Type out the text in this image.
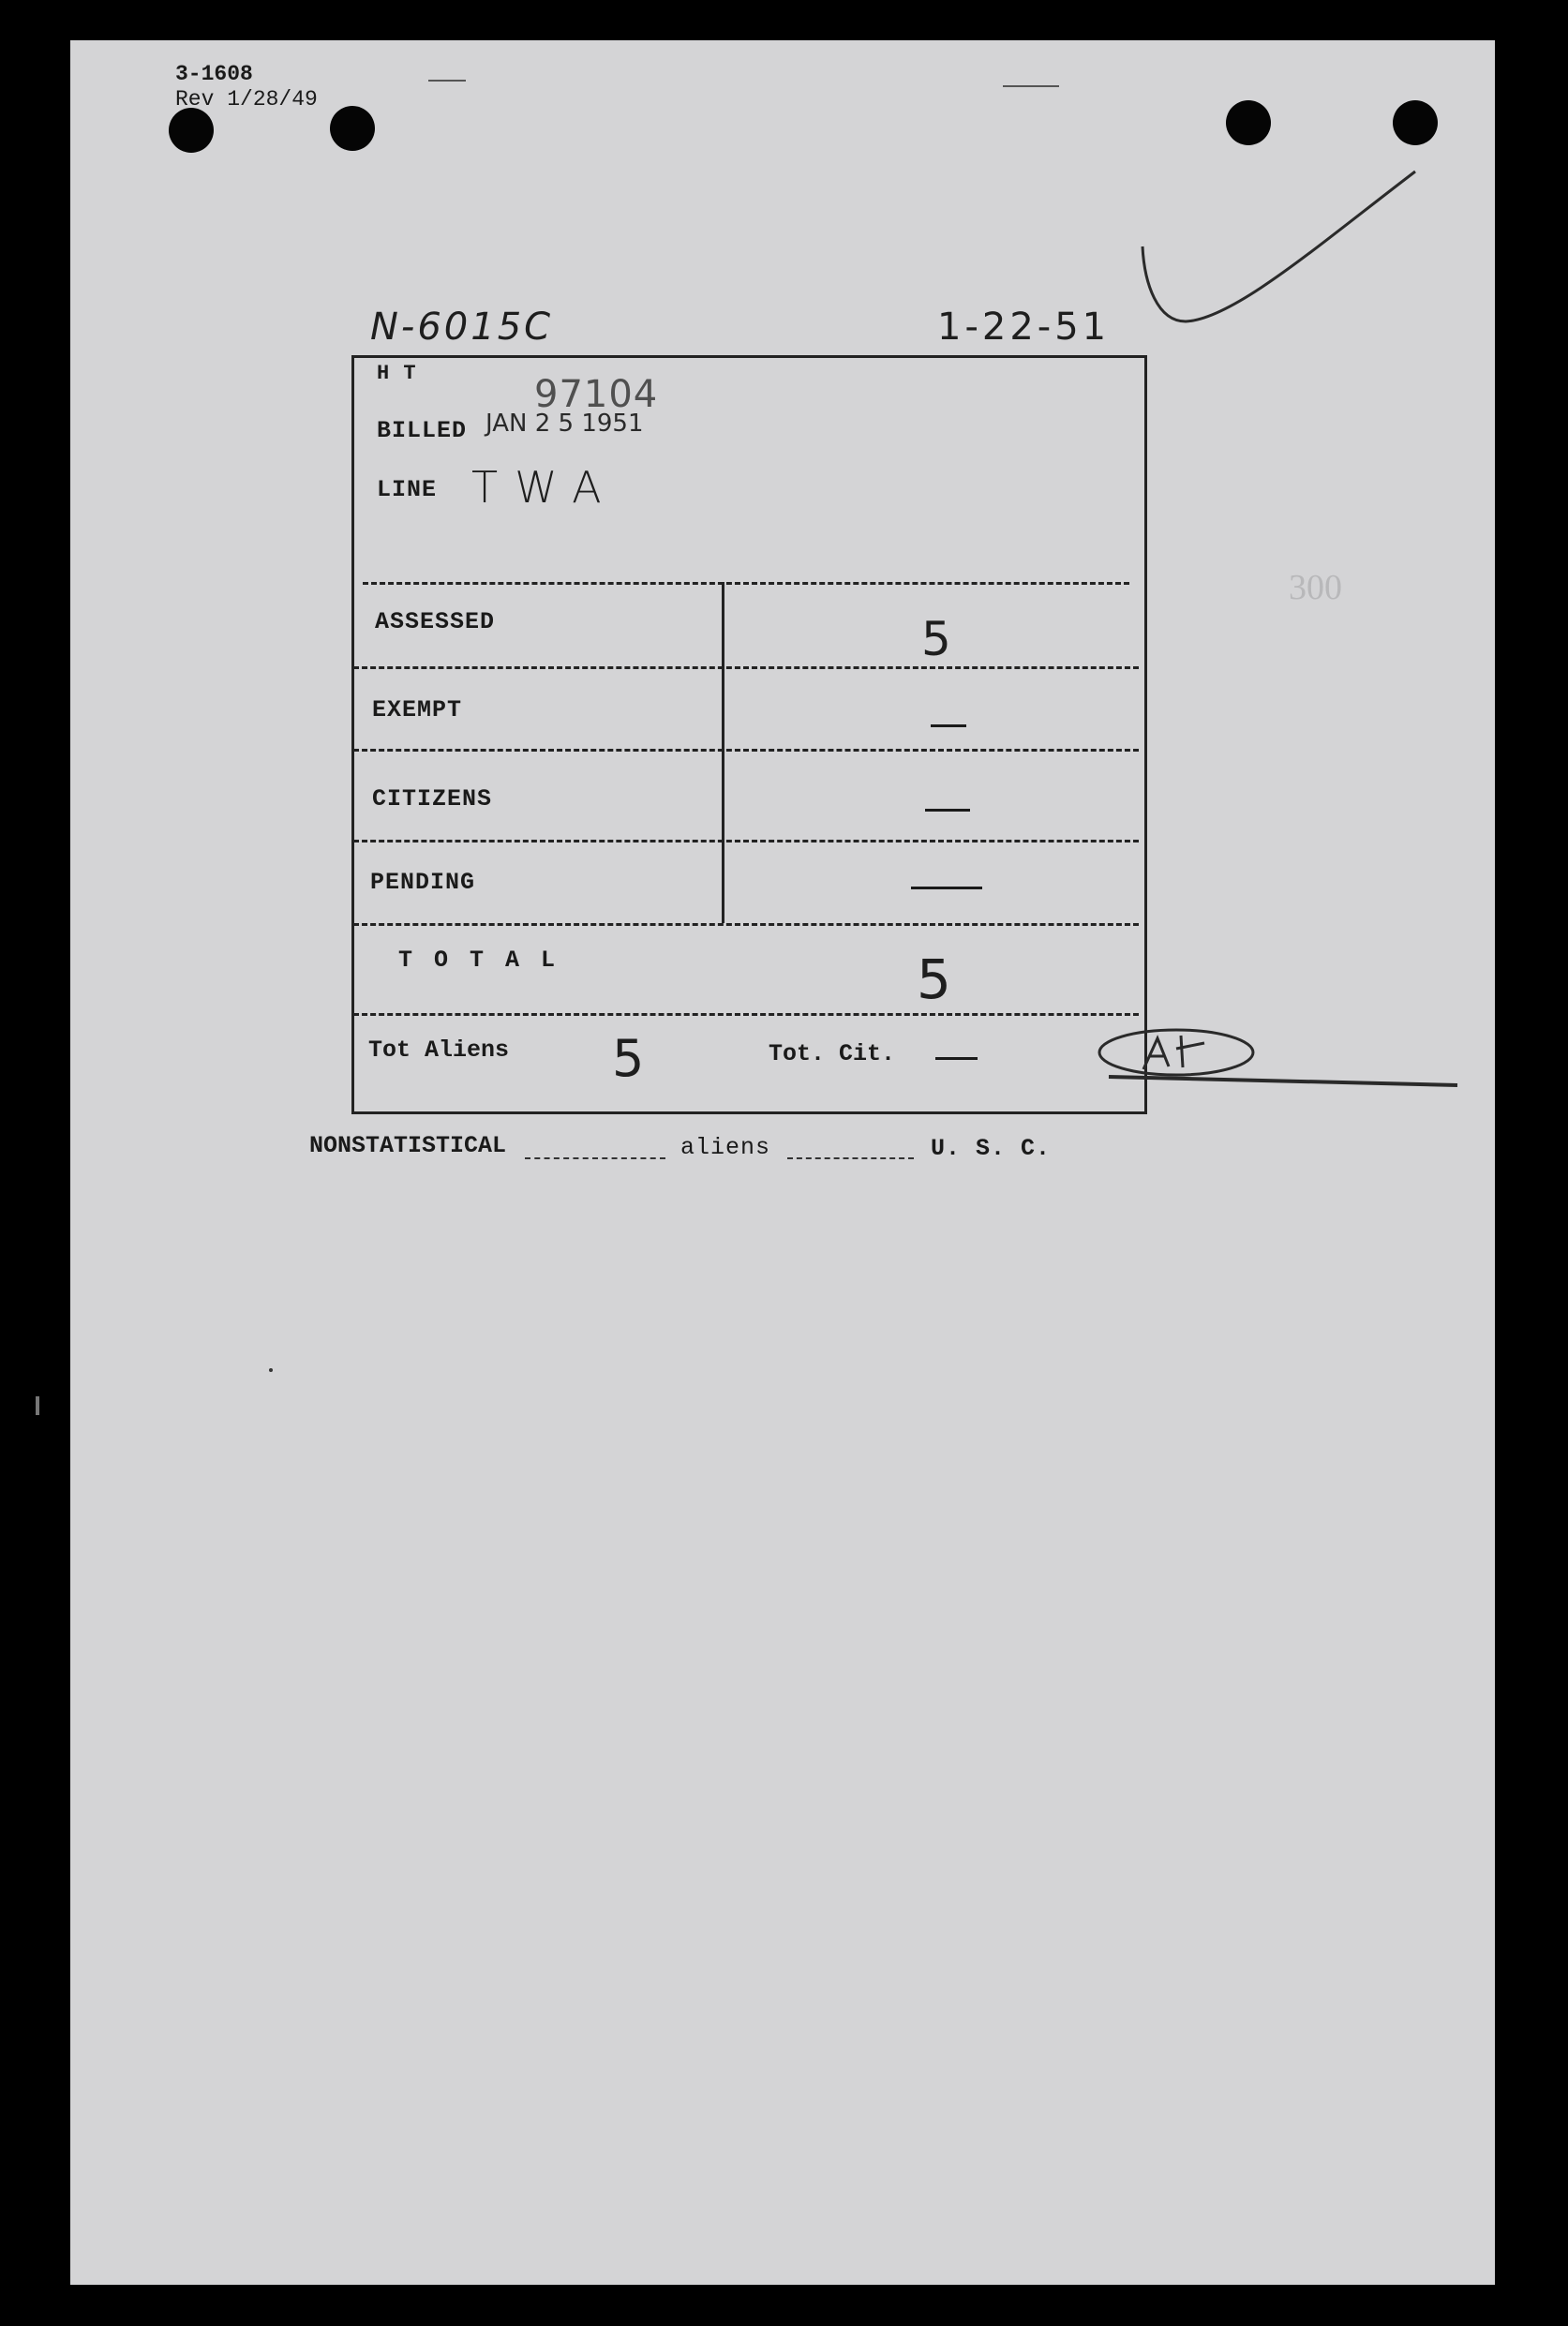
3-1608
Rev 1/28/49
N-6015C	1-22-51
H T	97104
BILLED JAN 2 5 1951
LINE TWA
ASSESSED	5
EXEMPT
CITIZENS
PENDING
T O T A L	5
Tot Aliens 5	Tot. Cit.
300
NONSTATISTICAL	aliens	U. S. C.
